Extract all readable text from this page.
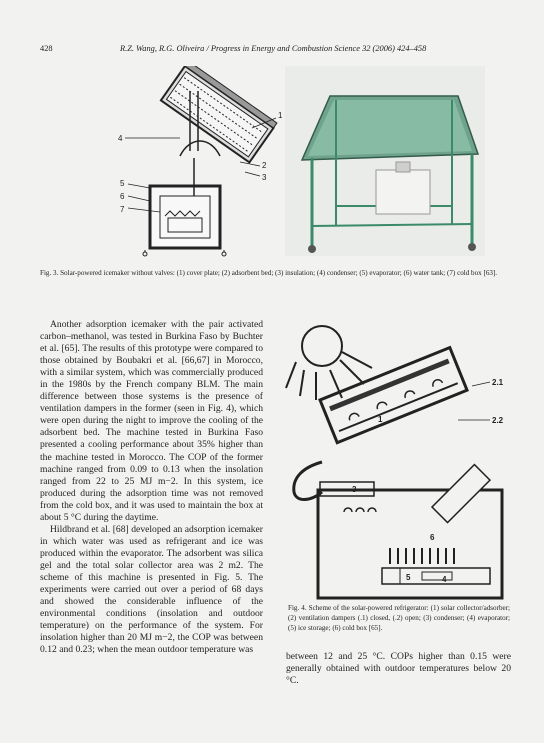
428	R.Z. Wang, R.G. Oliveira / Progress in Energy and Combustion Science 32 (2006) 424–458
1
2
3
4
5
6
7
Fig. 3. Solar-powered icemaker without valves: (1) cover plate; (2) adsorbent bed; (3) insulation; (4) condenser; (5) evaporator; (6) water tank; (7) cold box [63].

Another adsorption icemaker with the pair activated carbon–methanol, was tested in Burkina Faso by Buchter et al. [65]. The results of this prototype were compared to those obtained by Boubakri et al. [66,67] in Morocco, with a similar system, which was commercially produced in the 1980s by the French company BLM. The main difference between those systems is the presence of ventilation dampers in the former (seen in Fig. 4), which were open during the night to improve the cooling of the adsorbent bed. The machine tested in Burkina Faso presented a cooling performance about 35% higher than the machine tested in Morocco. The COP of the former machine ranged from 0.09 to 0.13 when the insolation ranged from 22 to 25 MJ m−2. In this system, ice produced during the adsorption time was not removed from the cold box, and it was used to maintain the box at about 5 °C during the daytime.

Hildbrand et al. [68] developed an adsorption icemaker in which water was used as refrigerant and ice was produced within the evaporator. The adsorbent was silica gel and the total solar collector area was 2 m2. The scheme of this machine is presented in Fig. 5. The experiments were carried out over a period of 68 days and showed the considerable influence of the environmental conditions (insolation and outdoor temperature) on the performance of the system. For insolation higher than 20 MJ m−2, the COP was between 0.12 and 0.23; when the mean outdoor temperature was

2.1
2.2
1
3
4
5
6
Fig. 4. Scheme of the solar-powered refrigerator: (1) solar collector/adsorber; (2) ventilation dampers (.1) closed, (.2) open; (3) condenser; (4) evaporator; (5) ice storage; (6) cold box [65].

between 12 and 25 °C. COPs higher than 0.15 were generally obtained with outdoor temperatures below 20 °C.
